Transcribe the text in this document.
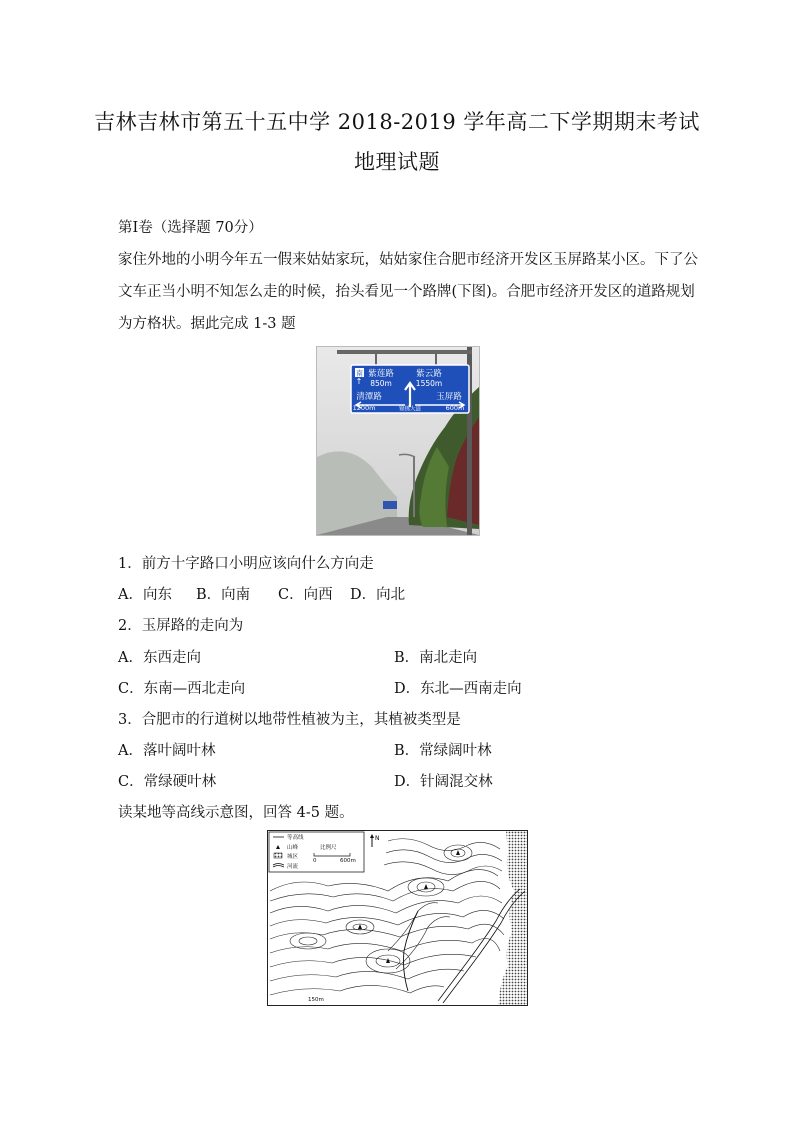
吉林吉林市第五十五中学 2018-2019 学年高二下学期期末考试
地理试题
第Ⅰ卷（选择题 70分）
家住外地的小明今年五一假来姑姑家玩，姑姑家住合肥市经济开发区玉屏路某小区。下了公
文车正当小明不知怎么走的时候，抬头看见一个路牌(下图)。合肥市经济开发区的道路规划
为方格状。据此完成 1-3 题
南
↑
紫莲路
850m
紫云路
1550m
清潭路
1200m
玉屏路
600m
锦绣大道
1．前方十字路口小明应该向什么方向走
A．向东 B．向南 C．向西 D．向北
2．玉屏路的走向为
A．东西走向	B．南北走向
C．东南—西北走向	D．东北—西南走向
3．合肥市的行道树以地带性植被为主，其植被类型是
A．落叶阔叶林	B．常绿阔叶林
C．常绿硬叶林	D．针阔混交林
读某地等高线示意图，回答 4-5 题。
等高线
山峰
城区
河流
比例尺
0	600m
N
150m
